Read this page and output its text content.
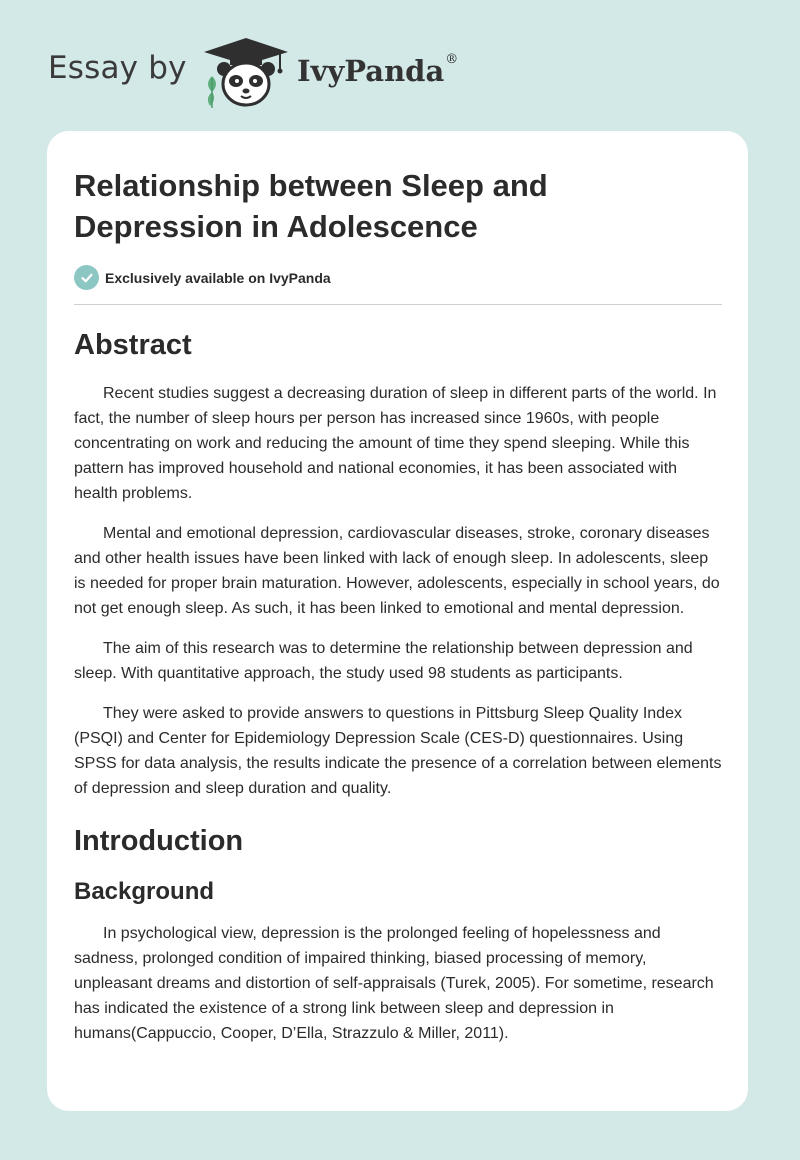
Essay by	IvyPanda®
Relationship between Sleep and Depression in Adolescence
Exclusively available on IvyPanda
Abstract

Recent studies suggest a decreasing duration of sleep in different parts of the world. In fact, the number of sleep hours per person has increased since 1960s, with people concentrating on work and reducing the amount of time they spend sleeping. While this pattern has improved household and national economies, it has been associated with health problems.

Mental and emotional depression, cardiovascular diseases, stroke, coronary diseases and other health issues have been linked with lack of enough sleep. In adolescents, sleep is needed for proper brain maturation. However, adolescents, especially in school years, do not get enough sleep. As such, it has been linked to emotional and mental depression.

The aim of this research was to determine the relationship between depression and sleep. With quantitative approach, the study used 98 students as participants.

They were asked to provide answers to questions in Pittsburg Sleep Quality Index (PSQI) and Center for Epidemiology Depression Scale (CES-D) questionnaires. Using SPSS for data analysis, the results indicate the presence of a correlation between elements of depression and sleep duration and quality.

Introduction
Background

In psychological view, depression is the prolonged feeling of hopelessness and sadness, prolonged condition of impaired thinking, biased processing of memory, unpleasant dreams and distortion of self-appraisals (Turek, 2005). For sometime, research has indicated the existence of a strong link between sleep and depression in humans(Cappuccio, Cooper, D’Ella, Strazzulo & Miller, 2011).
